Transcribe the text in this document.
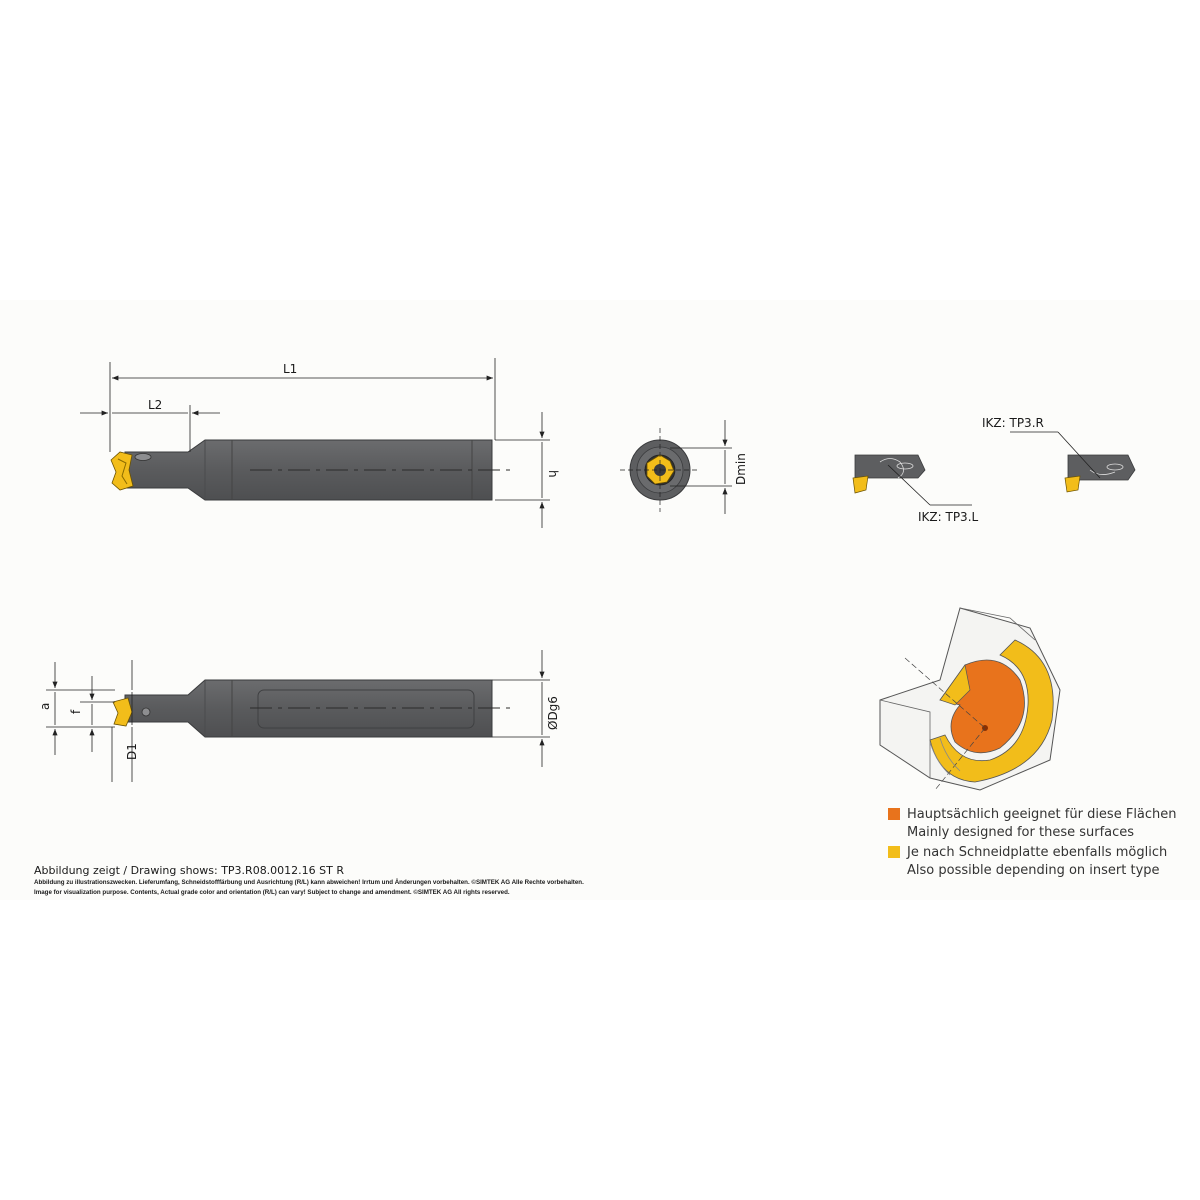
L1
L2
h	Dmin
IKZ: TP3.L
IKZ: TP3.R
ØDg6
a
f
D1
Hauptsächlich geeignet für diese Flächen
Mainly designed for these surfaces
Je nach Schneidplatte ebenfalls möglich
Also possible depending on insert type
Abbildung zeigt / Drawing shows: TP3.R08.0012.16 ST R
Abbildung zu illustrationszwecken. Lieferumfang, Schneidstofffärbung und Ausrichtung (R/L) kann abweichen! Irrtum und Änderungen vorbehalten. ©SIMTEK AG Alle Rechte vorbehalten.
Image for visualization purpose. Contents, Actual grade color and orientation (R/L) can vary! Subject to change and amendment. ©SIMTEK AG All rights reserved.
